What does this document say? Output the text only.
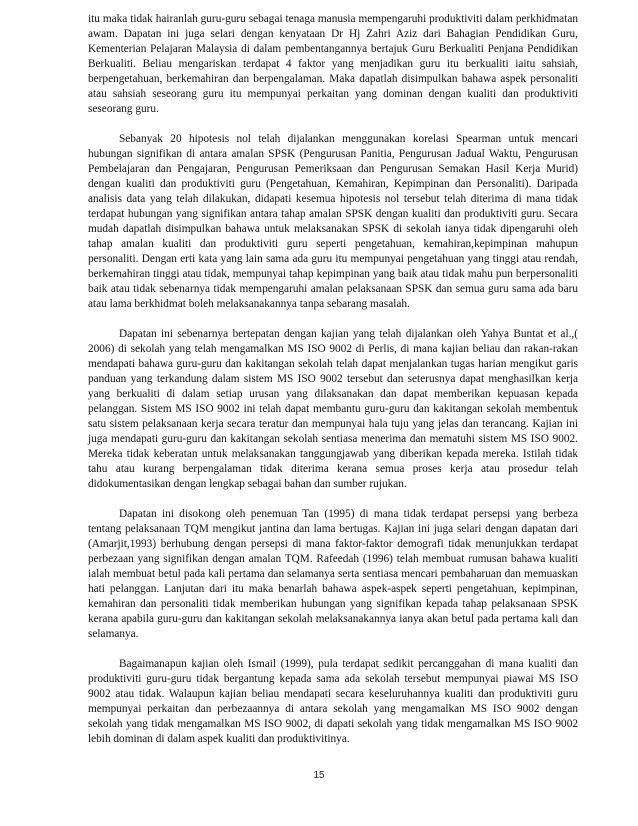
itu maka tidak hairanlah guru-guru sebagai tenaga manusia mempengaruhi produktiviti dalam perkhidmatan awam. Dapatan ini juga selari dengan kenyataan Dr Hj Zahri Aziz dari Bahagian Pendidikan Guru, Kementerian Pelajaran Malaysia di dalam pembentangannya bertajuk Guru Berkualiti Penjana Pendidikan Berkualiti. Beliau mengariskan terdapat 4 faktor yang menjadikan guru itu berkualiti iaitu sahsiah, berpengetahuan, berkemahiran dan berpengalaman. Maka dapatlah disimpulkan bahawa aspek personaliti atau sahsiah seseorang guru itu mempunyai perkaitan yang dominan dengan kualiti dan produktiviti seseorang guru.

Sebanyak 20 hipotesis nol telah dijalankan menggunakan korelasi Spearman untuk mencari hubungan signifikan di antara amalan SPSK (Pengurusan Panitia, Pengurusan Jadual Waktu, Pengurusan Pembelajaran dan Pengajaran, Pengurusan Pemeriksaan dan Pengurusan Semakan Hasil Kerja Murid) dengan kualiti dan produktiviti guru (Pengetahuan, Kemahiran, Kepimpinan dan Personaliti). Daripada analisis data yang telah dilakukan, didapati kesemua hipotesis nol tersebut telah diterima di mana tidak terdapat hubungan yang signifikan antara tahap amalan SPSK dengan kualiti dan produktiviti guru. Secara mudah dapatlah disimpulkan bahawa untuk melaksanakan SPSK di sekolah ianya tidak dipengaruhi oleh tahap amalan kualiti dan produktiviti guru seperti pengetahuan, kemahiran,kepimpinan mahupun personaliti. Dengan erti kata yang lain sama ada guru itu mempunyai pengetahuan yang tinggi atau rendah, berkemahiran tinggi atau tidak, mempunyai tahap kepimpinan yang baik atau tidak mahu pun berpersonaliti baik atau tidak sebenarnya tidak mempengaruhi amalan pelaksanaan SPSK dan semua guru sama ada baru atau lama berkhidmat boleh melaksanakannya tanpa sebarang masalah.

Dapatan ini sebenarnya bertepatan dengan kajian yang telah dijalankan oleh Yahya Buntat et al.,( 2006) di sekolah yang telah mengamalkan MS ISO 9002 di Perlis, di mana kajian beliau dan rakan-rakan mendapati bahawa guru-guru dan kakitangan sekolah telah dapat menjalankan tugas harian mengikut garis panduan yang terkandung dalam sistem MS ISO 9002 tersebut dan seterusnya dapat menghasilkan kerja yang berkualiti di dalam setiap urusan yang dilaksanakan dan dapat memberikan kepuasan kepada pelanggan. Sistem MS ISO 9002 ini telah dapat membantu guru-guru dan kakitangan sekolah membentuk satu sistem pelaksanaan kerja secara teratur dan mempunyai hala tuju yang jelas dan terancang. Kajian ini juga mendapati guru-guru dan kakitangan sekolah sentiasa menerima dan mematuhi sistem MS ISO 9002. Mereka tidak keberatan untuk melaksanakan tanggungjawab yang diberikan kepada mereka. Istilah tidak tahu atau kurang berpengalaman tidak diterima kerana semua proses kerja atau prosedur telah didokumentasikan dengan lengkap sebagai bahan dan sumber rujukan.

Dapatan ini disokong oleh penemuan Tan (1995) di mana tidak terdapat persepsi yang berbeza tentang pelaksanaan TQM mengikut jantina dan lama bertugas. Kajian ini juga selari dengan dapatan dari (Amarjit,1993) berhubung dengan persepsi di mana faktor-faktor demografi tidak menunjukkan terdapat perbezaan yang signifikan dengan amalan TQM. Rafeedah (1996) telah membuat rumusan bahawa kualiti ialah membuat betul pada kali pertama dan selamanya serta sentiasa mencari pembaharuan dan memuaskan hati pelanggan. Lanjutan dari itu maka benarlah bahawa aspek-aspek seperti pengetahuan, kepimpinan, kemahiran dan personaliti tidak memberikan hubungan yang signifikan kepada tahap pelaksanaan SPSK kerana apabila guru-guru dan kakitangan sekolah melaksanakannya ianya akan betul pada pertama kali dan selamanya.

Bagaimanapun kajian oleh Ismail (1999), pula terdapat sedikit percanggahan di mana kualiti dan produktiviti guru-guru tidak bergantung kepada sama ada sekolah tersebut mempunyai piawai MS ISO 9002 atau tidak. Walaupun kajian beliau mendapati secara keseluruhannya kualiti dan produktiviti guru mempunyai perkaitan dan perbezaannya di antara sekolah yang mengamalkan MS ISO 9002 dengan sekolah yang tidak mengamalkan MS ISO 9002, di dapati sekolah yang tidak mengamalkan MS ISO 9002 lebih dominan di dalam aspek kualiti dan produktivitinya.

15
